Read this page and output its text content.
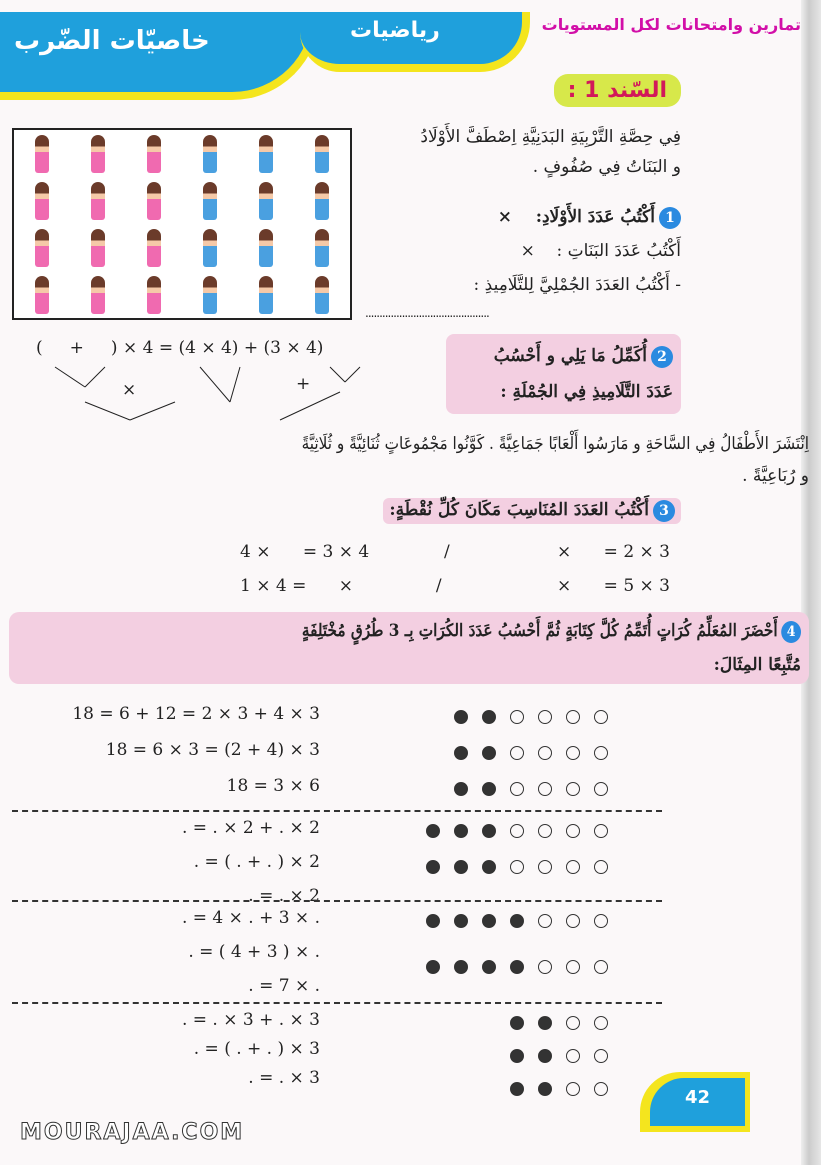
خاصيّات الضّرب	رياضيات	تمارين وامتحانات لكل المستويات
السّند 1 :
فِي حِصَّةِ التَّرْبِيَةِ البَدَنِيَّةِ اِصْطَفَّ الأَوْلَادُ
و البَنَاتُ فِي صُفُوفٍ .
1أَكْتُبُ عَدَدَ الأَوْلَادِ:    ×
أَكْتُبُ عَدَدَ البَنَاتِ :    ×
- أَكْتُبُ العَدَدَ الجُمْلِيَّ لِلتَّلَامِيذِ :
............................................
2أُكَمِّلُ مَا يَلِي و أَحْسُبُ
عَدَدَ التَّلَامِيذِ فِي الجُمْلَةِ :
(     +     ) × 4 = (4 × 4) + (3 × 4)
×	+
اِنْتَشَرَ الأَطْفَالُ فِي السَّاحَةِ و مَارَسُوا أَلْعَابًا جَمَاعِيَّةً . كَوَّنُوا مَجْمُوعَاتٍ ثُنَائِيَّةً و ثُلَاثِيَّةً
و رُبَاعِيَّةً .
3أَكْتُبُ العَدَدَ المُنَاسِبَ مَكَانَ كُلِّ نُقْطَةٍ:
4 ×      = 3 × 4	/	×      = 2 × 3
1 × 4 =      ×	/	×      = 5 × 3
4أَحْضَرَ المُعَلِّمُ كُرَاتٍ أُتَمِّمُ كُلَّ كِتَابَةٍ ثُمَّ أَحْسُبُ عَدَدَ الكُرَاتِ بِـ 3 طُرُقٍ مُخْتَلِفَةٍ
مُتَّبِعًا المِثَالَ:
18 = 6 + 12 = 2 × 3 + 4 × 3
18 = 6 × 3 = (2 + 4) × 3
18 = 3 × 6
. = . × 2 + . × 2
. = ( . + . ) × 2
. = . × 2
. = 4 × . + 3 × .
. = ( 4 + 3 ) × .
. = 7 × .
. = . × 3 + . × 3
. = ( . + . ) × 3
. = . × 3
42
MOURAJAA.COM
